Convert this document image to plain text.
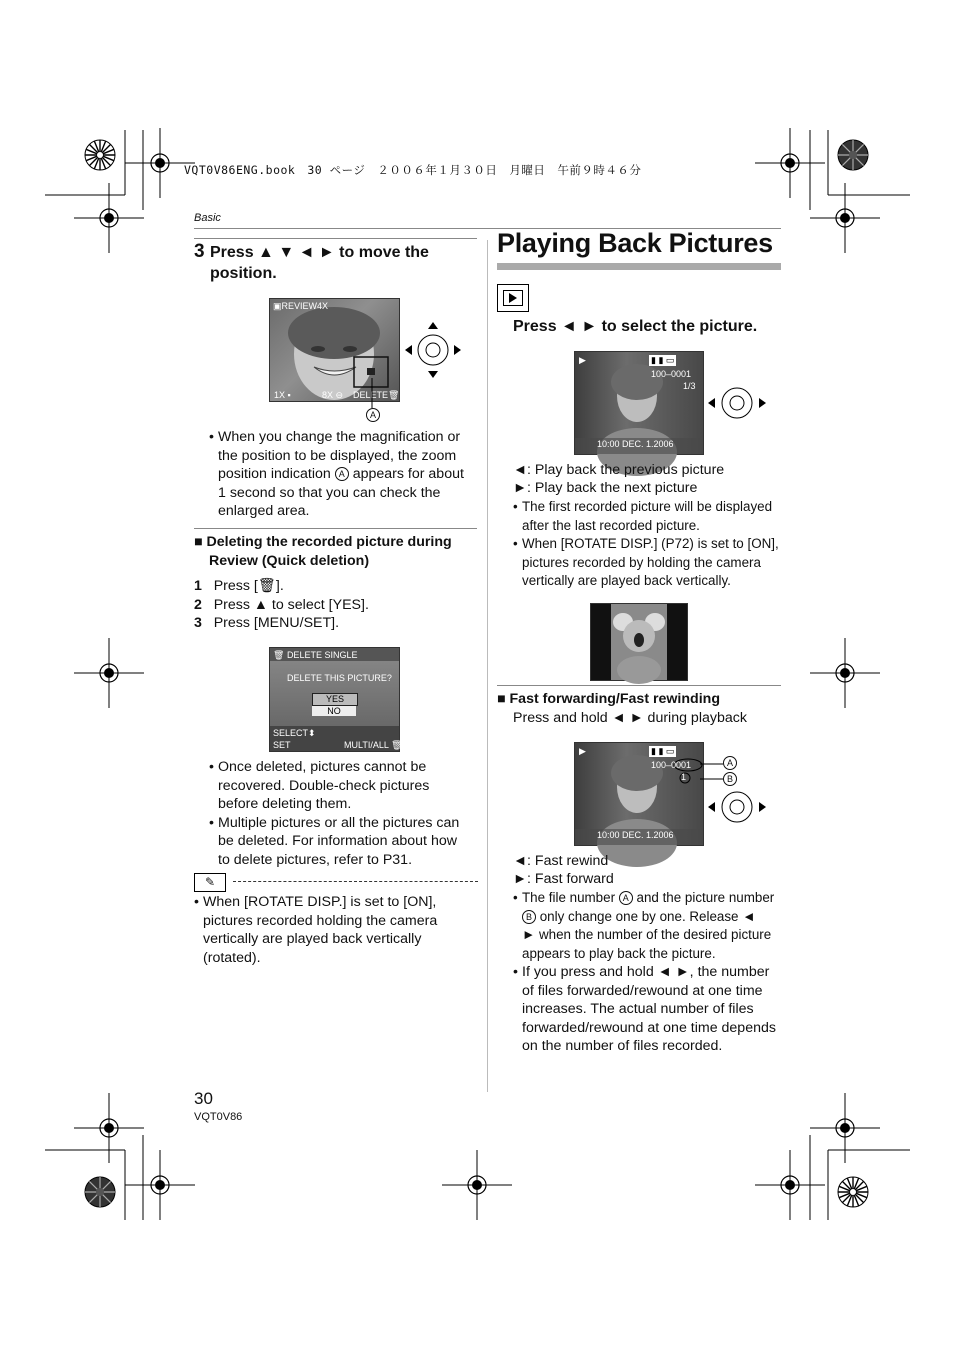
VQT0V86ENG.book　30 ページ　２００６年１月３０日　月曜日　午前９時４６分
Basic
3 Press ▲ ▼ ◄ ► to move the
position.
▣REVIEW4X
1X ▪	8X ⊖ DELETE🗑
A
• When you change the magnification or
the position to be displayed, the zoom
position indication A appears for about
1 second so that you can check the
enlarged area.
■ Deleting the recorded picture during
Review (Quick deletion)
1 Press [🗑].
2 Press ▲ to select [YES].
3 Press [MENU/SET].
🗑 DELETE SINGLE
DELETE THIS PICTURE?
YES
NO
SELECT⬍
SET	MULTI/ALL 🗑
• Once deleted, pictures cannot be
recovered. Double-check pictures
before deleting them.
• Multiple pictures or all the pictures can
be deleted. For information about how
to delete pictures, refer to P31.
✎
• When [ROTATE DISP.] is set to [ON],
pictures recorded holding the camera
vertically are played back vertically
(rotated).
Playing Back Pictures
Press ◄ ► to select the picture.
▶	▮ ▮ ▭
100–0001
1/3
10:00 DEC. 1.2006
◄: Play back the previous picture
►: Play back the next picture
• The first recorded picture will be displayed
after the last recorded picture.
• When [ROTATE DISP.] (P72) is set to [ON],
pictures recorded by holding the camera
vertically are played back vertically.
■ Fast forwarding/Fast rewinding
Press and hold ◄ ► during playback
▶	▮ ▮ ▭
100–0001
1
10:00 DEC. 1.2006
A
B
◄: Fast rewind
►: Fast forward
• The file number A and the picture number
B only change one by one. Release ◄
► when the number of the desired picture
appears to play back the picture.
• If you press and hold ◄ ►, the number
of files forwarded/rewound at one time
increases. The actual number of files
forwarded/rewound at one time depends
on the number of files recorded.
30
VQT0V86
